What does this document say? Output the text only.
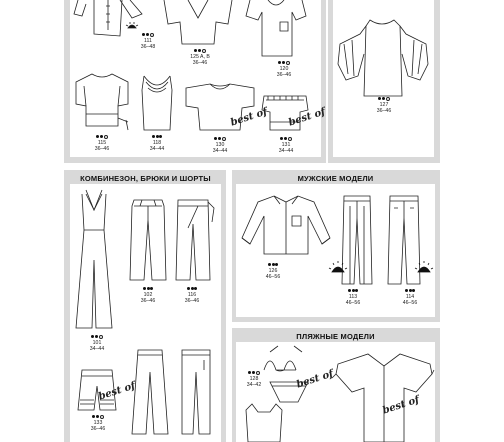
КОМБИНЕЗОН, БРЮКИ И ШОРТЫ	МУЖСКИЕ МОДЕЛИ
ПЛЯЖНЫЕ МОДЕЛИ
111
36–48
125 A, B
36–46
120
36–46
127
36–46
115
36–46
118
34–44
130
34–44
131
34–44
101
34–44
102
36–46
116
36–46
126
46–56
113
46–56
114
46–56
133
36–46
128
34–42
best of best of
best of
best of
best of
